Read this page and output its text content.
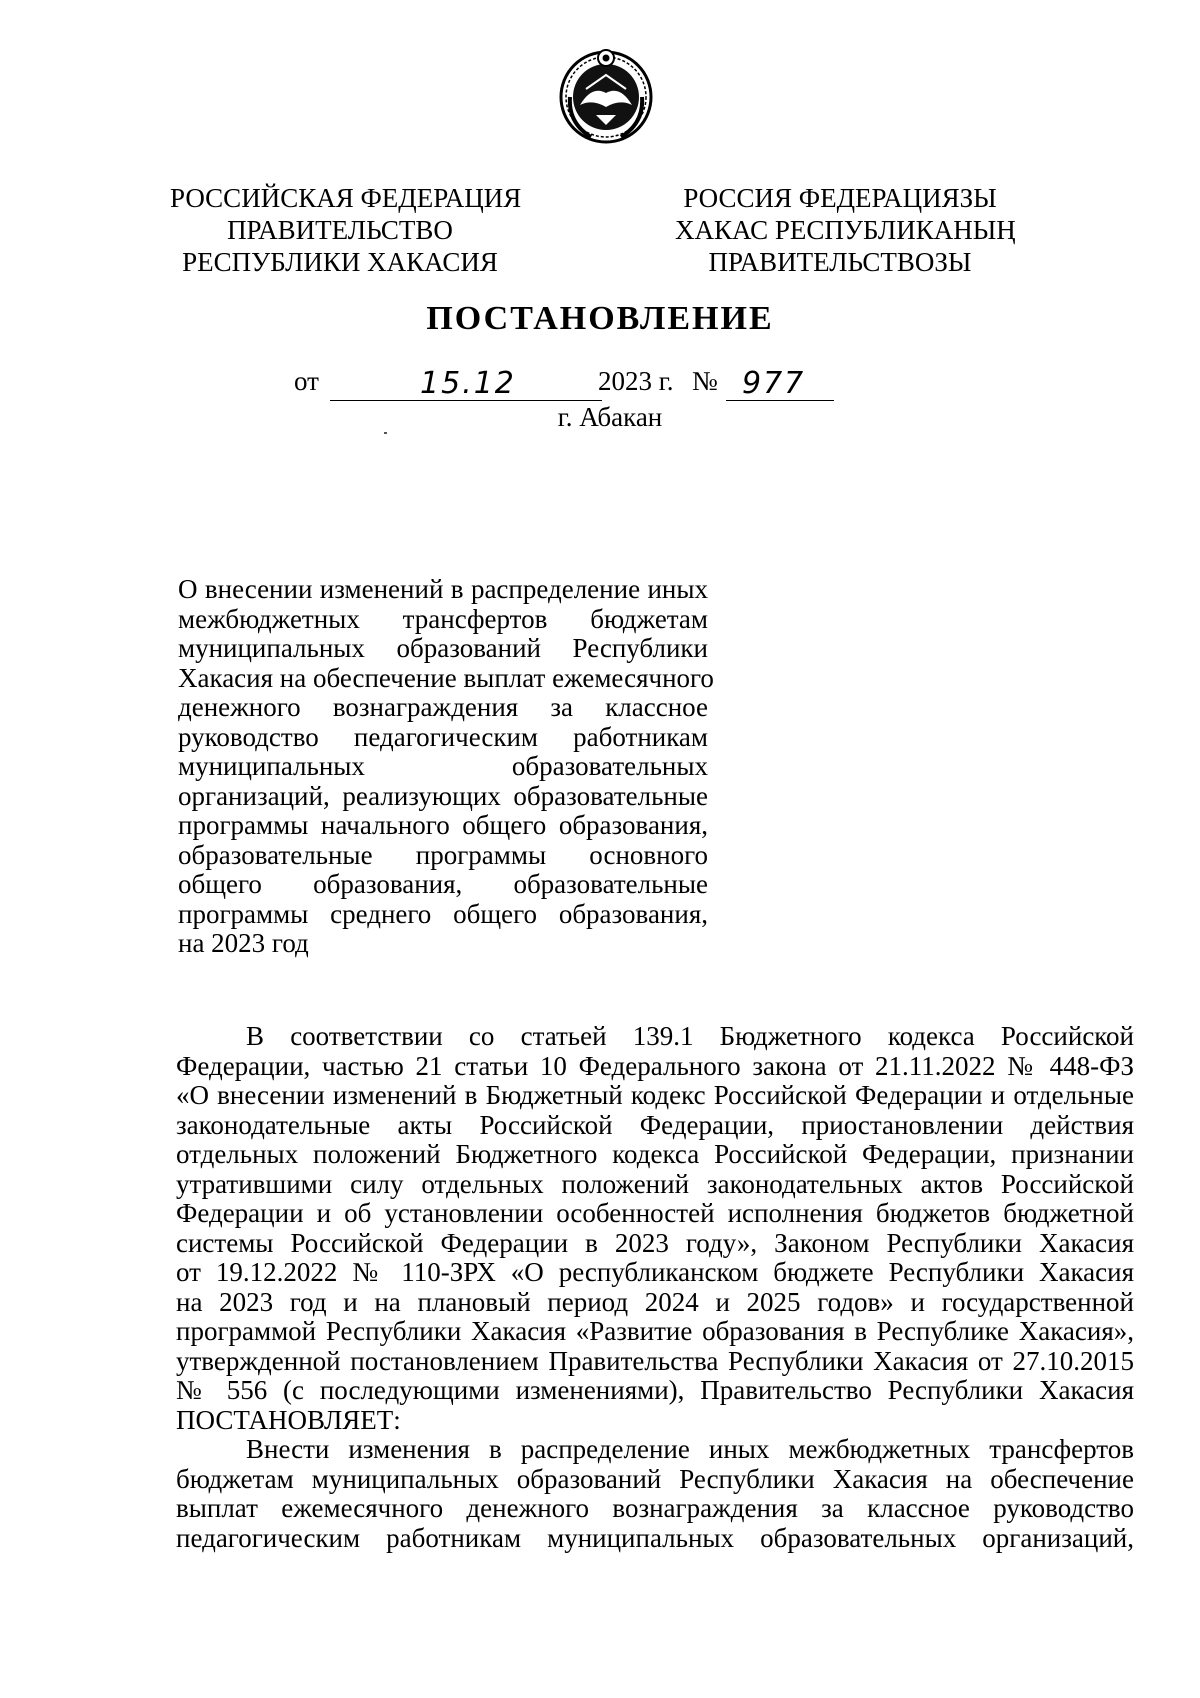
РОССИЙСКАЯ ФЕДЕРАЦИЯ
ПРАВИТЕЛЬСТВО
РЕСПУБЛИКИ ХАКАСИЯ
РОССИЯ ФЕДЕРАЦИЯЗЫ
ХАКАС РЕСПУБЛИКАНЫҢ
ПРАВИТЕЛЬСТВОЗЫ
ПОСТАНОВЛЕНИЕ
от	15.12	2023 г. № 977
г. Абакан
О внесении изменений в распределение иных
межбюджетных трансфертов бюджетам
муниципальных образований Республики
Хакасия на обеспечение выплат ежемесячного
денежного вознаграждения за классное
руководство педагогическим работникам
муниципальных образовательных
организаций, реализующих образовательные
программы начального общего образования,
образовательные программы основного
общего образования, образовательные
программы среднего общего образования,
на 2023 год
В соответствии со статьей 139.1 Бюджетного кодекса Российской
Федерации, частью 21 статьи 10 Федерального закона от 21.11.2022 № 448-ФЗ
«О внесении изменений в Бюджетный кодекс Российской Федерации и отдельные
законодательные акты Российской Федерации, приостановлении действия
отдельных положений Бюджетного кодекса Российской Федерации, признании
утратившими силу отдельных положений законодательных актов Российской
Федерации и об установлении особенностей исполнения бюджетов бюджетной
системы Российской Федерации в 2023 году», Законом Республики Хакасия
от 19.12.2022 № 110-ЗРХ «О республиканском бюджете Республики Хакасия
на 2023 год и на плановый период 2024 и 2025 годов» и государственной
программой Республики Хакасия «Развитие образования в Республике Хакасия»,
утвержденной постановлением Правительства Республики Хакасия от 27.10.2015
№ 556 (с последующими изменениями), Правительство Республики Хакасия
ПОСТАНОВЛЯЕТ:
Внести изменения в распределение иных межбюджетных трансфертов
бюджетам муниципальных образований Республики Хакасия на обеспечение
выплат ежемесячного денежного вознаграждения за классное руководство
педагогическим работникам муниципальных образовательных организаций,
